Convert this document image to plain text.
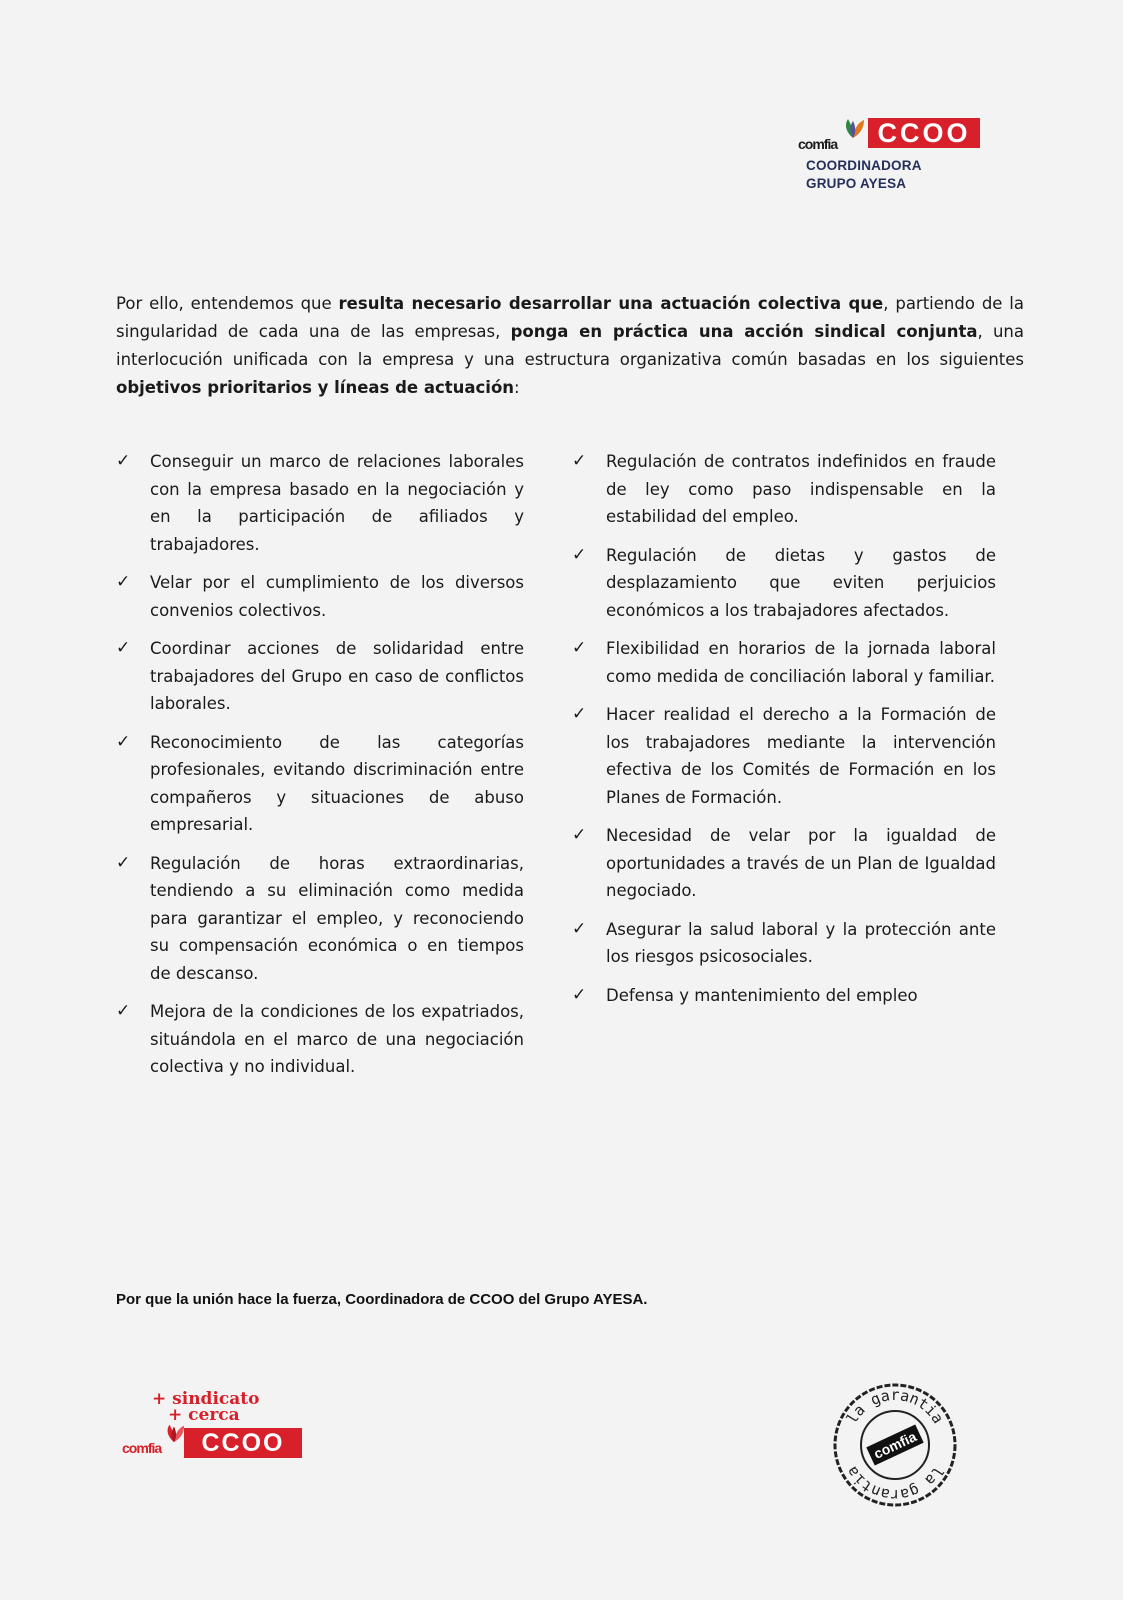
comfia	CCOO
COORDINADORA
GRUPO AYESA

Por ello, entendemos que resulta necesario desarrollar una actuación colectiva que, partiendo de la singularidad de cada una de las empresas, ponga en práctica una acción sindical conjunta, una interlocución unificada con la empresa y una estructura organizativa común basadas en los siguientes objetivos prioritarios y líneas de actuación:

✓ Conseguir un marco de relaciones laborales con la empresa basado en la negociación y en la participación de afiliados y trabajadores.
✓ Velar por el cumplimiento de los diversos convenios colectivos.
✓ Coordinar acciones de solidaridad entre trabajadores del Grupo en caso de conflictos laborales.
✓ Reconocimiento de las categorías profesionales, evitando discriminación entre compañeros y situaciones de abuso empresarial.
✓ Regulación de horas extraordinarias, tendiendo a su eliminación como medida para garantizar el empleo, y reconociendo su compensación económica o en tiempos de descanso.
✓ Mejora de la condiciones de los expatriados, situándola en el marco de una negociación colectiva y no individual.
✓ Regulación de contratos indefinidos en fraude de ley como paso indispensable en la estabilidad del empleo.
✓ Regulación de dietas y gastos de desplazamiento que eviten perjuicios económicos a los trabajadores afectados.
✓ Flexibilidad en horarios de la jornada laboral como medida de conciliación laboral y familiar.
✓ Hacer realidad el derecho a la Formación de los trabajadores mediante la intervención efectiva de los Comités de Formación en los Planes de Formación.
✓ Necesidad de velar por la igualdad de oportunidades a través de un Plan de Igualdad negociado.
✓ Asegurar la salud laboral y la protección ante los riesgos psicosociales.
✓ Defensa y mantenimiento del empleo
Por que la unión hace la fuerza, Coordinadora de CCOO del Grupo AYESA.
+ sindicato
+ cerca
comfia	CCOO
la garantia
la garantia
comfia
